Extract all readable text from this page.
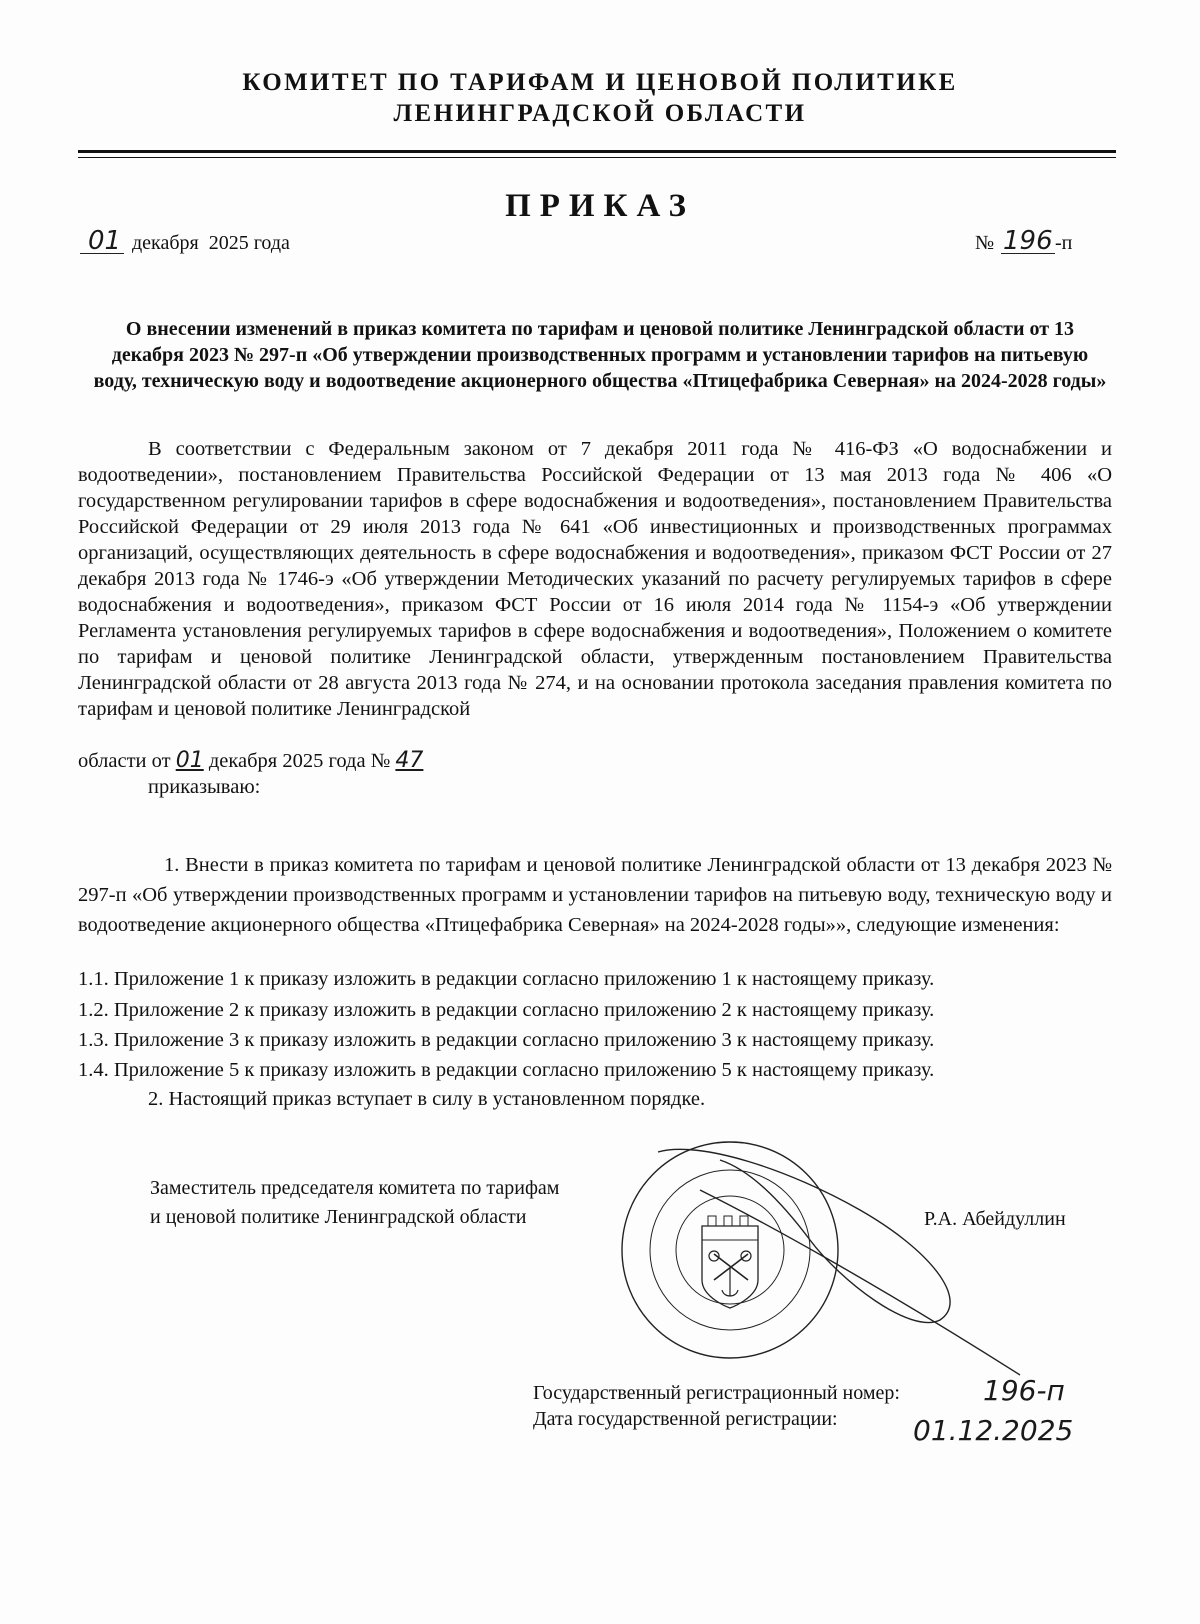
КОМИТЕТ ПО ТАРИФАМ И ЦЕНОВОЙ ПОЛИТИКЕ
ЛЕНИНГРАДСКОЙ ОБЛАСТИ
ПРИКАЗ
01 декабря  2025 года	№ 196 -п
О внесении изменений в приказ комитета по тарифам и ценовой политике Ленинградской области от 13 декабря 2023 № 297-п «Об утверждении производственных программ и установлении тарифов на питьевую воду, техническую воду и водоотведение акционерного общества «Птицефабрика Северная» на 2024-2028 годы»
В соответствии с Федеральным законом от 7 декабря 2011 года № 416-ФЗ «О водоснабжении и водоотведении», постановлением Правительства Российской Федерации от 13 мая 2013 года № 406 «О государственном регулировании тарифов в сфере водоснабжения и водоотведения», постановлением Правительства Российской Федерации от 29 июля 2013 года № 641 «Об инвестиционных и производственных программах организаций, осуществляющих деятельность в сфере водоснабжения и водоотведения», приказом ФСТ России от 27 декабря 2013 года № 1746-э «Об утверждении Методических указаний по расчету регулируемых тарифов в сфере водоснабжения и водоотведения», приказом ФСТ России от 16 июля 2014 года № 1154-э «Об утверждении Регламента установления регулируемых тарифов в сфере водоснабжения и водоотведения», Положением о комитете по тарифам и ценовой политике Ленинградской области, утвержденным постановлением Правительства Ленинградской области от 28 августа 2013 года № 274, и на основании протокола заседания правления комитета по тарифам и ценовой политике Ленинградской
области от 01 декабря 2025 года № 47
приказываю:
1. Внести в приказ комитета по тарифам и ценовой политике Ленинградской области от 13 декабря 2023 № 297-п «Об утверждении производственных программ и установлении тарифов на питьевую воду, техническую воду и водоотведение акционерного общества «Птицефабрика Северная» на 2024-2028 годы»», следующие изменения:
1.1. Приложение 1 к приказу изложить в редакции согласно приложению 1 к настоящему приказу.
1.2. Приложение 2 к приказу изложить в редакции согласно приложению 2 к настоящему приказу.
1.3. Приложение 3 к приказу изложить в редакции согласно приложению 3 к настоящему приказу.
1.4. Приложение 5 к приказу изложить в редакции согласно приложению 5 к настоящему приказу.
2. Настоящий приказ вступает в силу в установленном порядке.
Заместитель председателя комитета по тарифам
и ценовой политике Ленинградской области	Р.А. Абейдуллин
Государственный регистрационный номер:	196-п
Дата государственной регистрации:	01.12.2025
